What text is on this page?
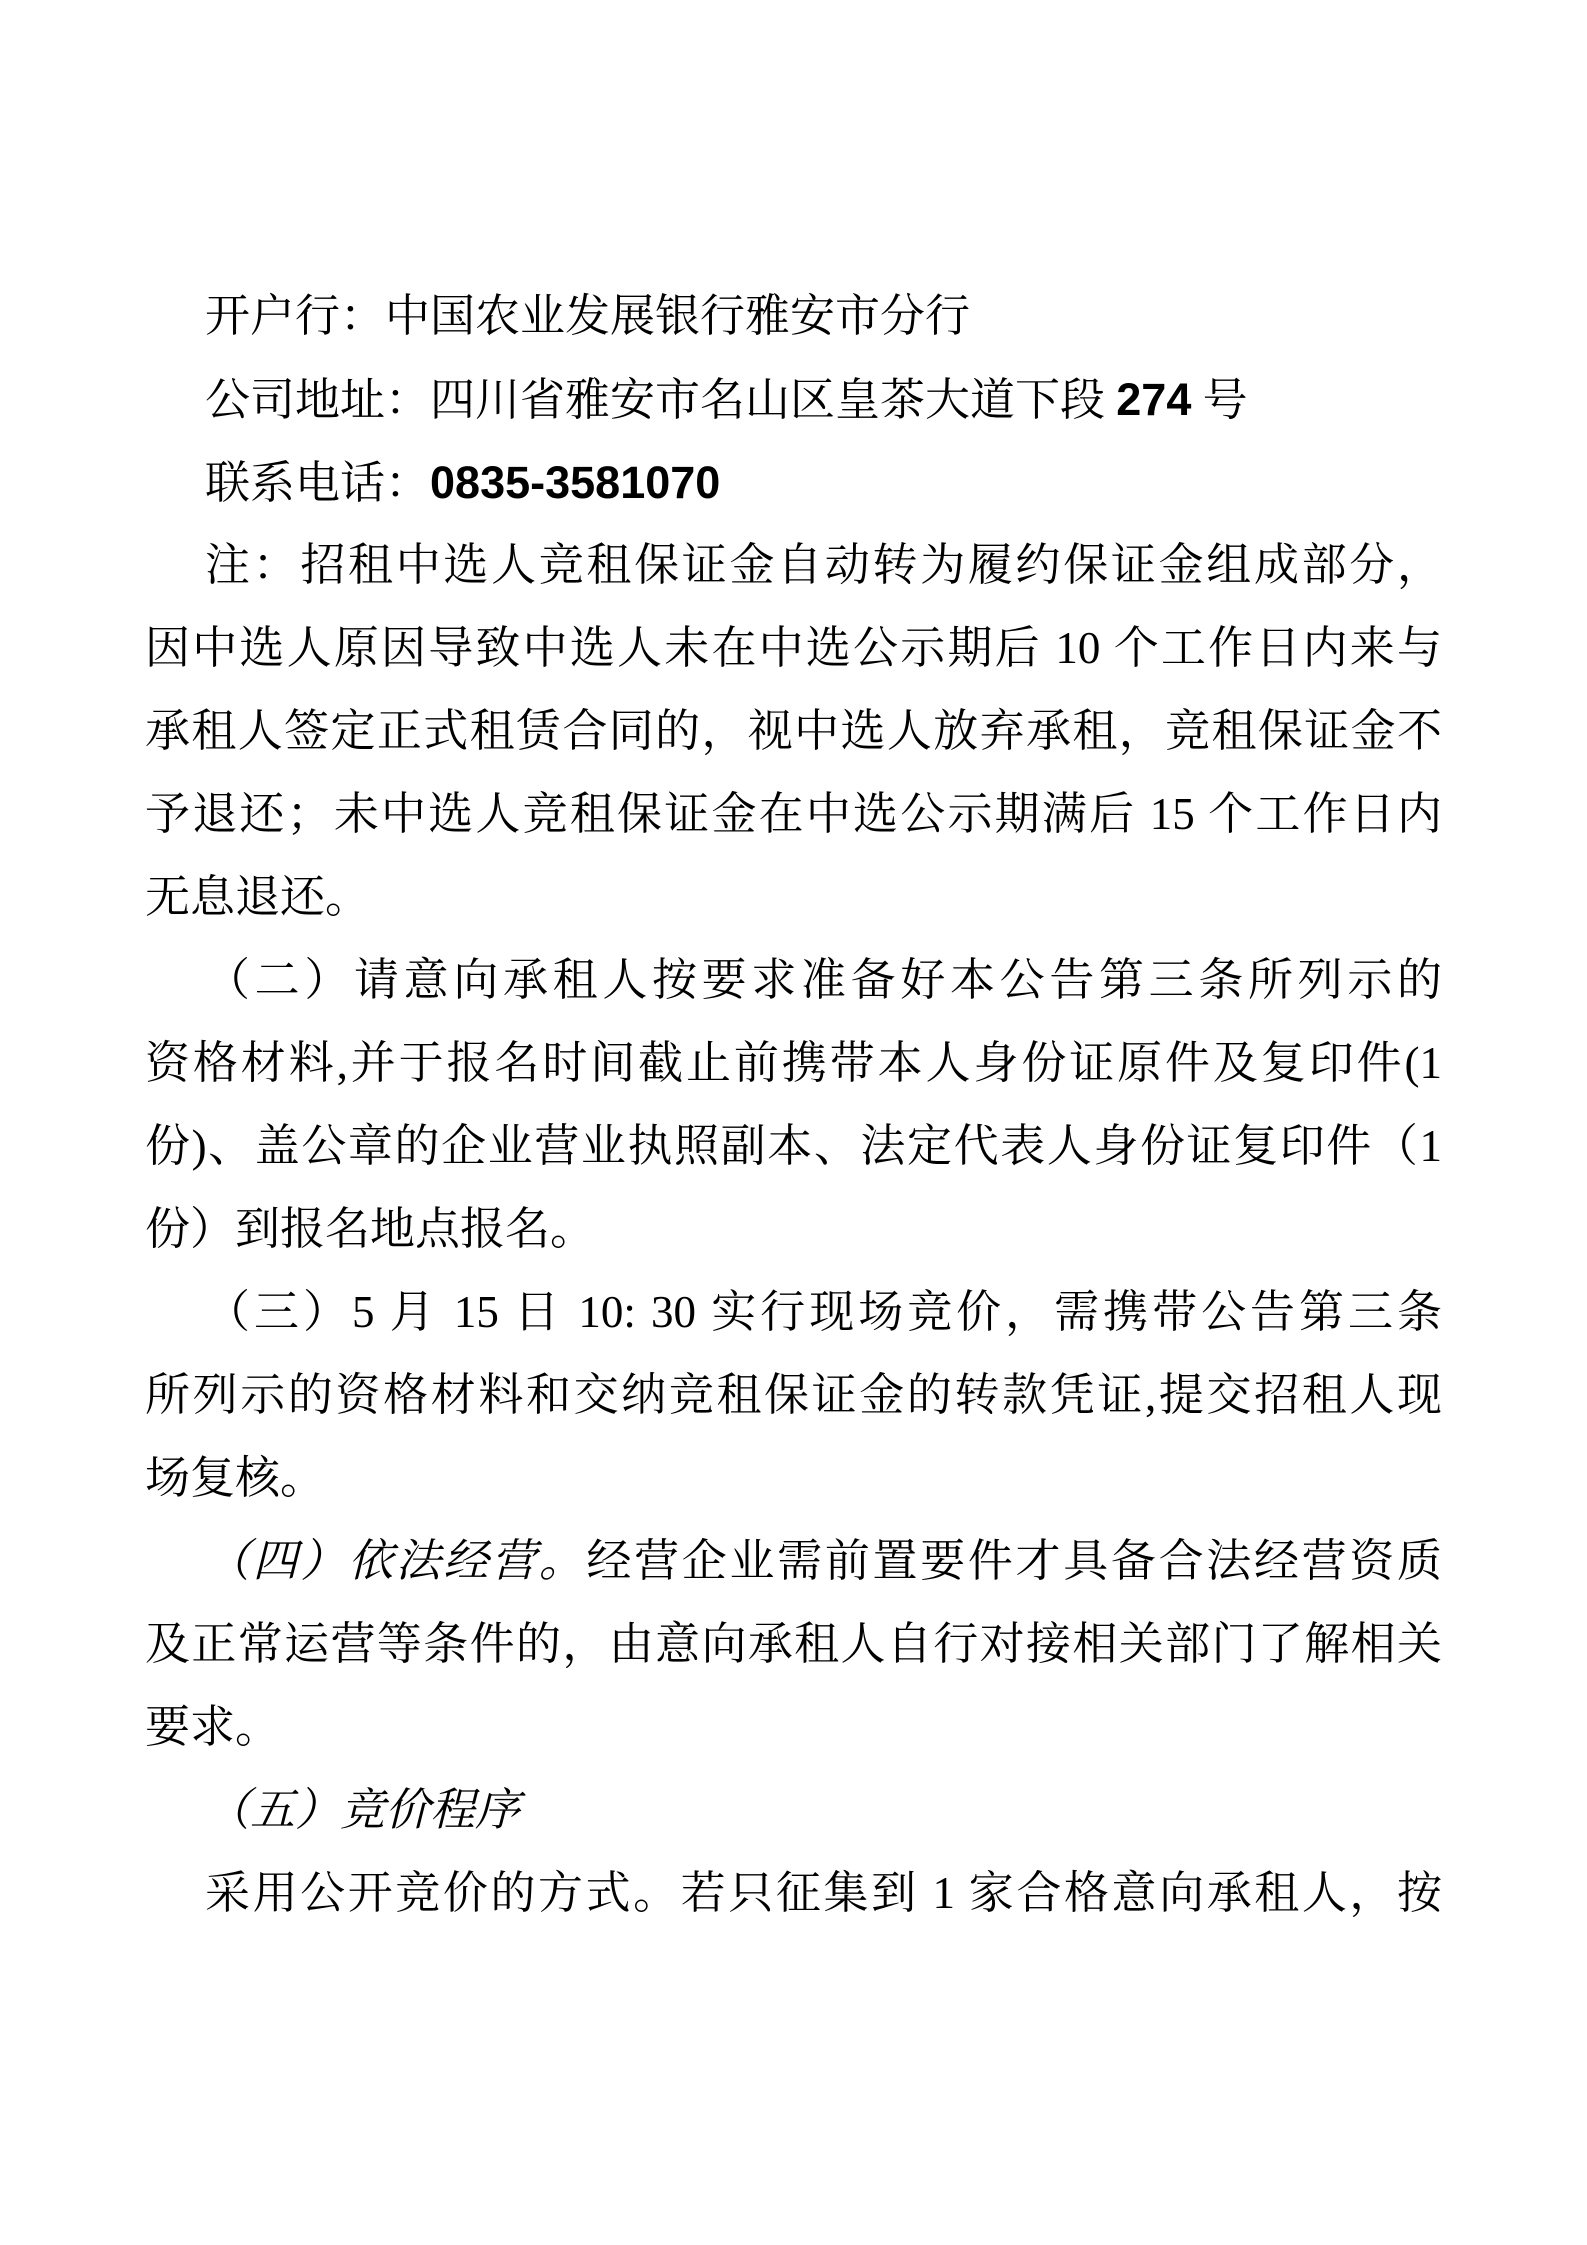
开户行：中国农业发展银行雅安市分行
公司地址：四川省雅安市名山区皇茶大道下段 274 号
联系电话：0835-3581070
注：招租中选人竞租保证金自动转为履约保证金组成部分，
因中选人原因导致中选人未在中选公示期后 10 个工作日内来与
承租人签定正式租赁合同的，视中选人放弃承租，竞租保证金不
予退还；未中选人竞租保证金在中选公示期满后 15 个工作日内
无息退还。
（二）请意向承租人按要求准备好本公告第三条所列示的
资格材料,并于报名时间截止前携带本人身份证原件及复印件(1
份)、盖公章的企业营业执照副本、法定代表人身份证复印件（1
份）到报名地点报名。
（三）5 月 15 日 10: 30 实行现场竞价，需携带公告第三条
所列示的资格材料和交纳竞租保证金的转款凭证,提交招租人现
场复核。
（四）依法经营。经营企业需前置要件才具备合法经营资质
及正常运营等条件的，由意向承租人自行对接相关部门了解相关
要求。
（五）竞价程序
采用公开竞价的方式。若只征集到 1 家合格意向承租人，按
